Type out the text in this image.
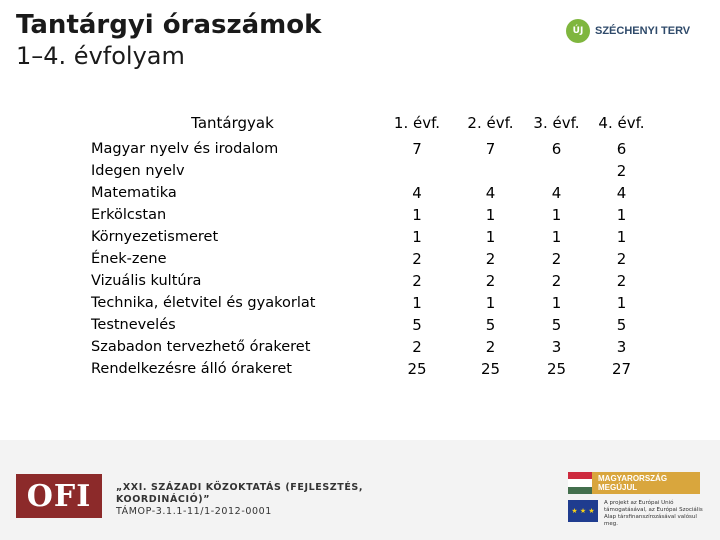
Tantárgyi óraszámok
1–4. évfolyam
ÚJ	SZÉCHENYI TERV
Tantárgyak	1. évf.	2. évf.	3. évf.	4. évf.
Magyar nyelv és irodalom	7	7	6	6
Idegen nyelv				2
Matematika	4	4	4	4
Erkölcstan	1	1	1	1
Környezetismeret	1	1	1	1
Ének-zene	2	2	2	2
Vizuális kultúra	2	2	2	2
Technika, életvitel és gyakorlat	1	1	1	1
Testnevelés	5	5	5	5
Szabadon tervezhető órakeret	2	2	3	3
Rendelkezésre álló órakeret	25	25	25	27
OFI	„XXI. SZÁZADI KÖZOKTATÁS (FEJLESZTÉS,
KOORDINÁCIÓ)”
TÁMOP-3.1.1-11/1-2012-0001
MAGYARORSZÁG MEGÚJUL
★ ★ ★
A projekt az Európai Unió támogatásával, az Európai Szociális Alap társfinanszírozásával valósul meg.
